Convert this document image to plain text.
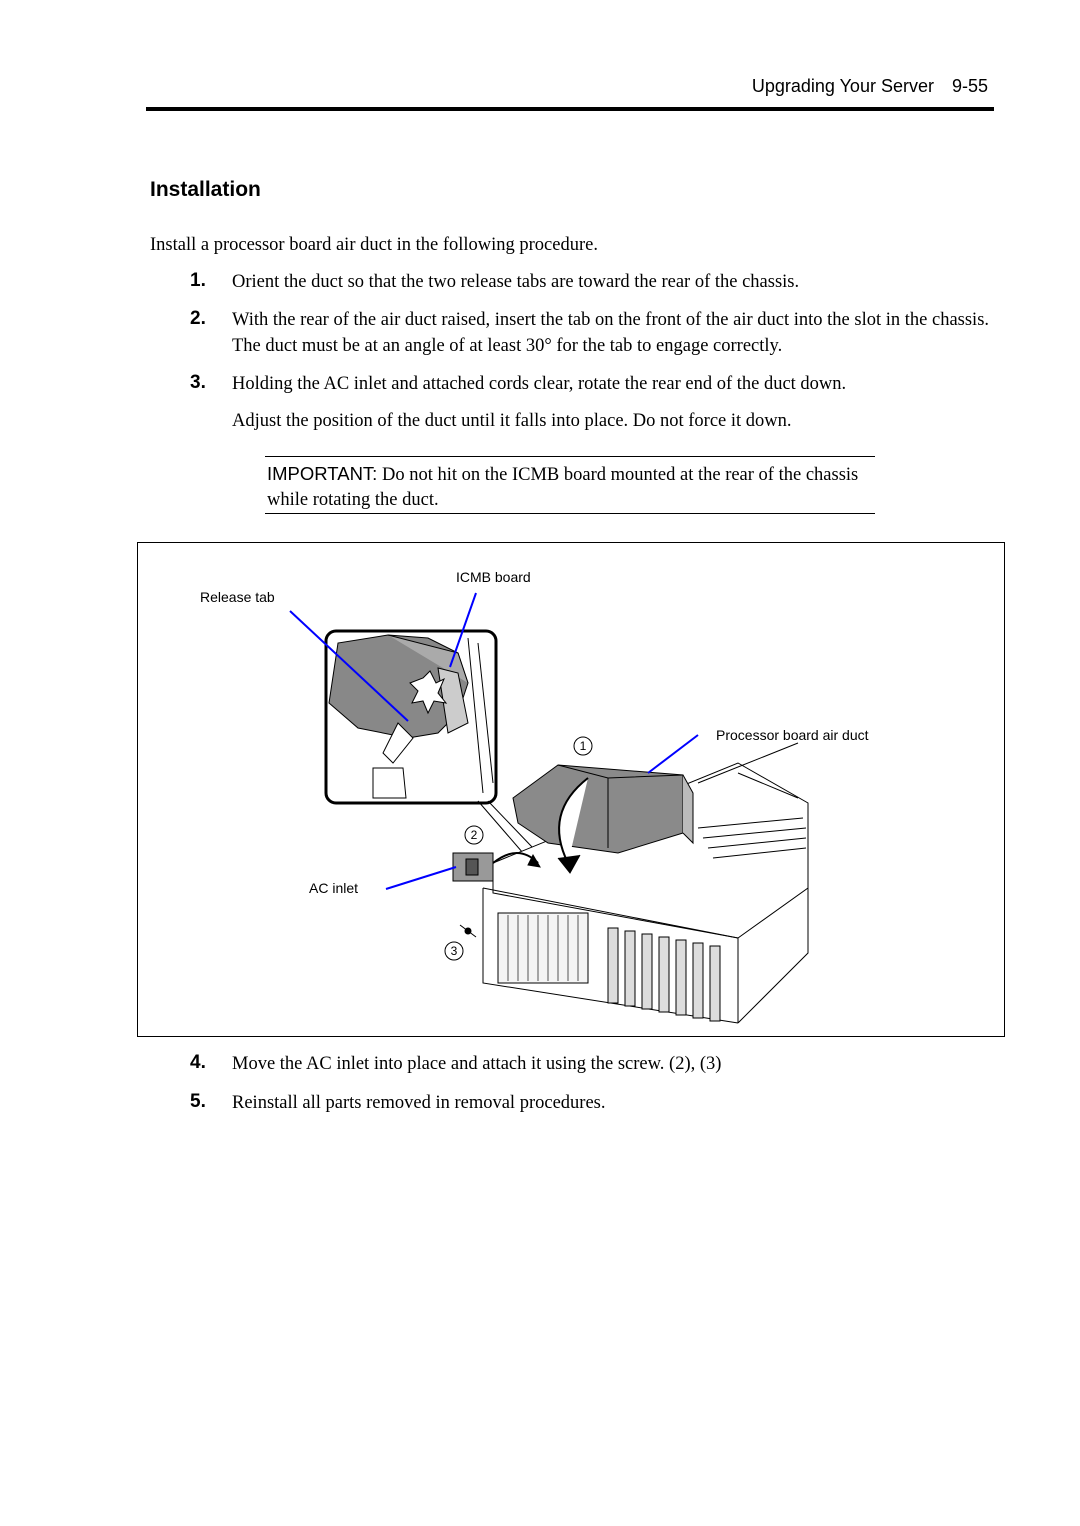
Upgrading Your Server 9-55
Installation
Install a processor board air duct in the following procedure.
1. Orient the duct so that the two release tabs are toward the rear of the chassis.
2. With the rear of the air duct raised, insert the tab on the front of the air duct into the slot in the chassis. The duct must be at an angle of at least 30° for the tab to engage correctly.
3. Holding the AC inlet and attached cords clear, rotate the rear end of the duct down.
Adjust the position of the duct until it falls into place. Do not force it down.
IMPORTANT: Do not hit on the ICMB board mounted at the rear of the chassis while rotating the duct.
1
2
3
ICMB board
Release tab
Processor board air duct
AC inlet
4. Move the AC inlet into place and attach it using the screw. (2), (3)
5. Reinstall all parts removed in removal procedures.
